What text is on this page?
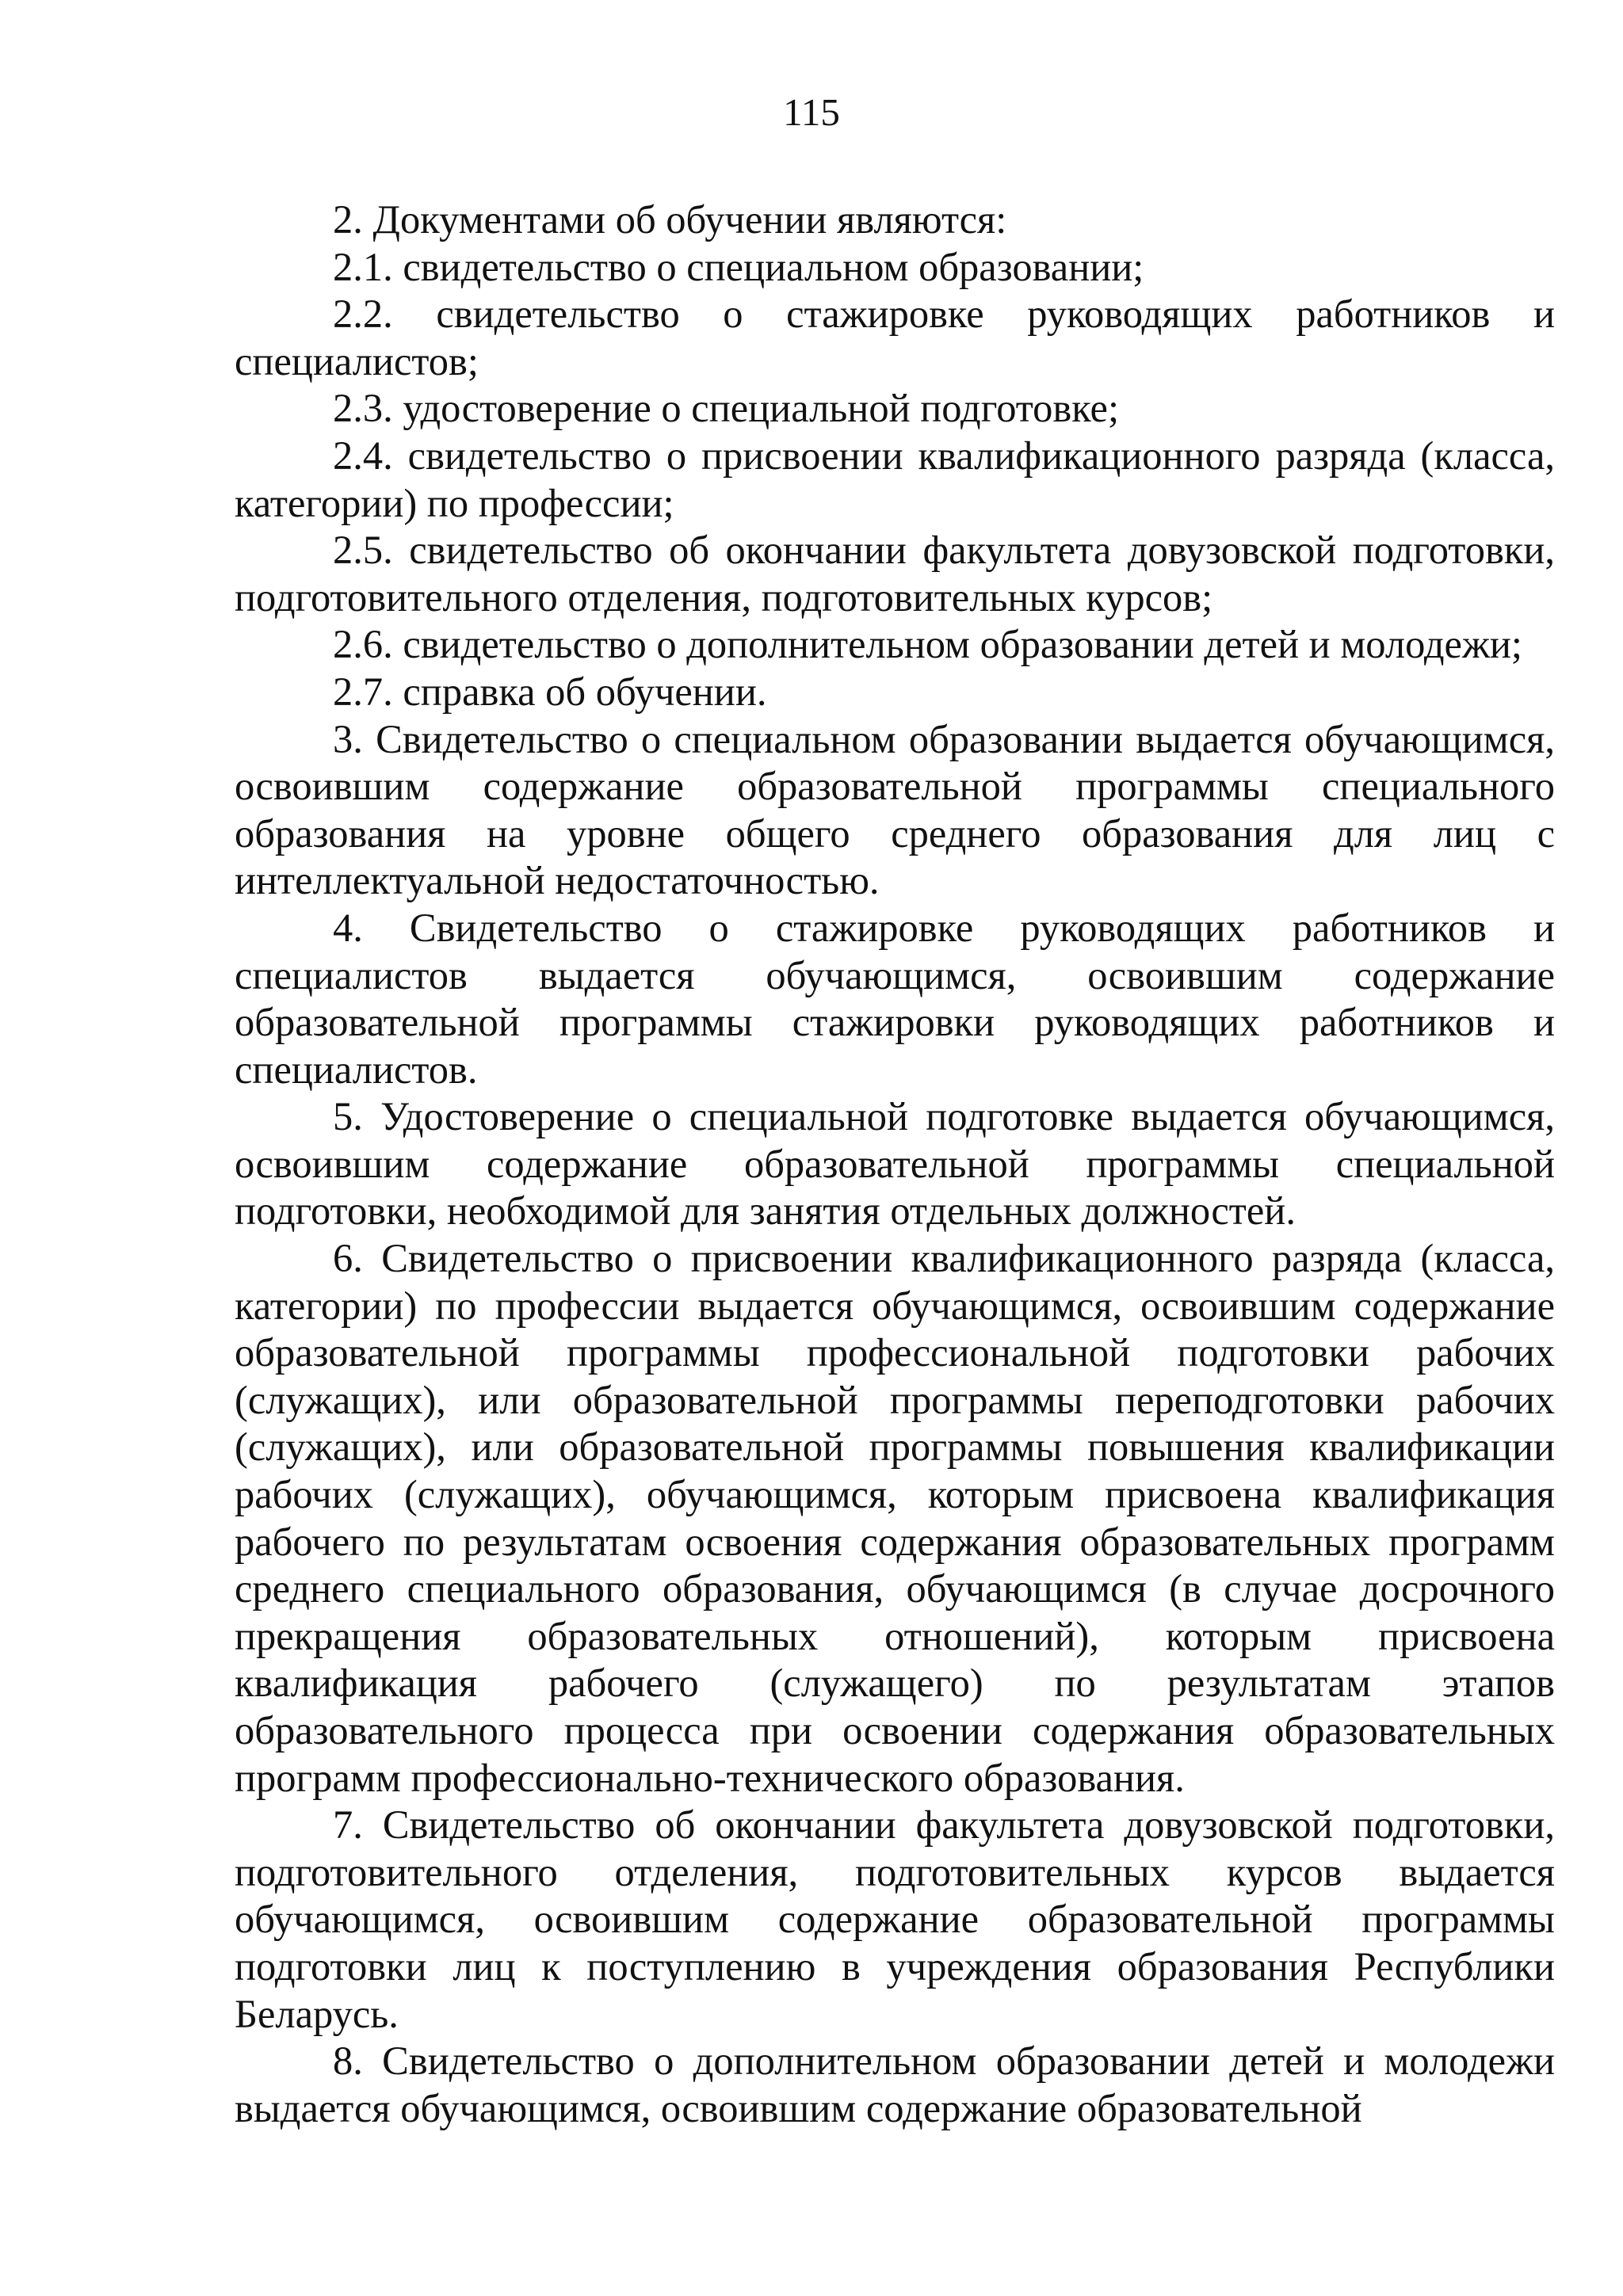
115

2. Документами об обучении являются:

2.1. свидетельство о специальном образовании;

2.2. свидетельство о стажировке руководящих работников и специалистов;

2.3. удостоверение о специальной подготовке;

2.4. свидетельство о присвоении квалификационного разряда (класса, категории) по профессии;

2.5. свидетельство об окончании факультета довузовской подготовки, подготовительного отделения, подготовительных курсов;

2.6. свидетельство о дополнительном образовании детей и молодежи;

2.7. справка об обучении.

3. Свидетельство о специальном образовании выдается обучающимся, освоившим содержание образовательной программы специального образования на уровне общего среднего образования для лиц с интеллектуальной недостаточностью.

4. Свидетельство о стажировке руководящих работников и специалистов выдается обучающимся, освоившим содержание образовательной программы стажировки руководящих работников и специалистов.

5. Удостоверение о специальной подготовке выдается обучающимся, освоившим содержание образовательной программы специальной подготовки, необходимой для занятия отдельных должностей.

6. Свидетельство о присвоении квалификационного разряда (класса, категории) по профессии выдается обучающимся, освоившим содержание образовательной программы профессиональной подготовки рабочих (служащих), или образовательной программы переподготовки рабочих (служащих), или образовательной программы повышения квалификации рабочих (служащих), обучающимся, которым присвоена квалификация рабочего по результатам освоения содержания образовательных программ среднего специального образования, обучающимся (в случае досрочного прекращения образовательных отношений), которым присвоена квалификация рабочего (служащего) по результатам этапов образовательного процесса при освоении содержания образовательных программ профессионально-технического образования.

7. Свидетельство об окончании факультета довузовской подготовки, подготовительного отделения, подготовительных курсов выдается обучающимся, освоившим содержание образовательной программы подготовки лиц к поступлению в учреждения образования Республики Беларусь.

8. Свидетельство о дополнительном образовании детей и молодежи выдается обучающимся, освоившим содержание образовательной
